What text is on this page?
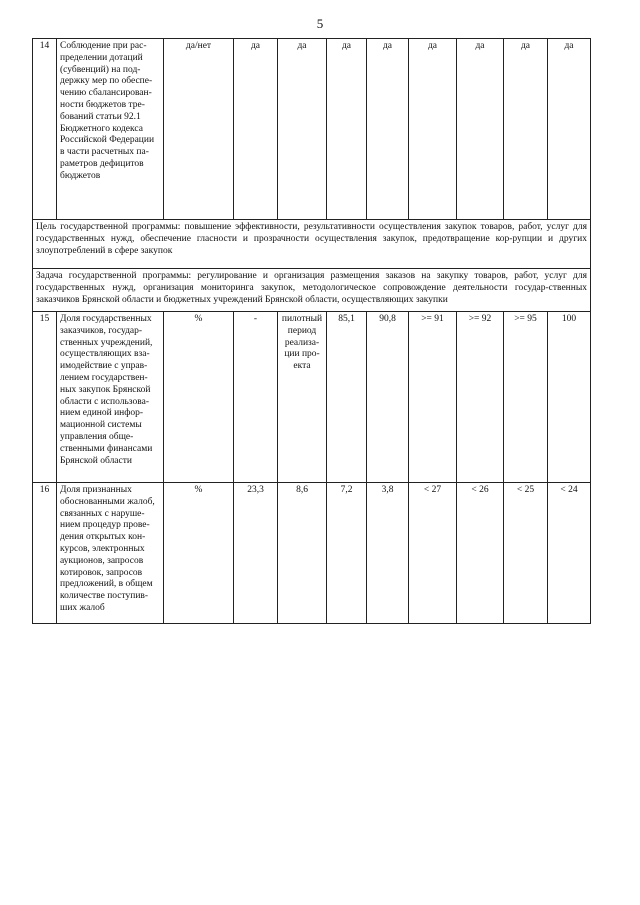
5
14	Соблюдение при рас-пределении дотаций (субвенций) на под-держку мер по обеспе-чению сбалансирован-ности бюджетов тре-бований статьи 92.1 Бюджетного кодекса Российской Федерации в части расчетных па-раметров дефицитов бюджетов	да/нет	да	да	да	да	да	да	да	да
Цель государственной программы: повышение эффективности, результативности осуществления закупок товаров, работ, услуг для государственных нужд, обеспечение гласности и прозрачности осуществления закупок, предотвращение кор-рупции и других злоупотреблений в сфере закупок										
Задача государственной программы: регулирование и организация размещения заказов на закупку товаров, работ, услуг для государственных нужд, организация мониторинга закупок, методологическое сопровождение деятельности государ-ственных заказчиков Брянской области и бюджетных учреждений Брянской области, осуществляющих закупки										
15	Доля государственных заказчиков, государ-ственных учреждений, осуществляющих вза-имодействие с управ-лением государствен-ных закупок Брянской области с использова-нием единой инфор-мационной системы управления обще-ственными финансами Брянской области	%	-	пилотный период реализа-ции про-екта	85,1	90,8	>= 91	>= 92	>= 95	100
16	Доля признанных обоснованными жалоб, связанных с наруше-нием процедур прове-дения открытых кон-курсов, электронных аукционов, запросов котировок, запросов предложений, в общем количестве поступив-ших жалоб	%	23,3	8,6	7,2	3,8	< 27	< 26	< 25	< 24
